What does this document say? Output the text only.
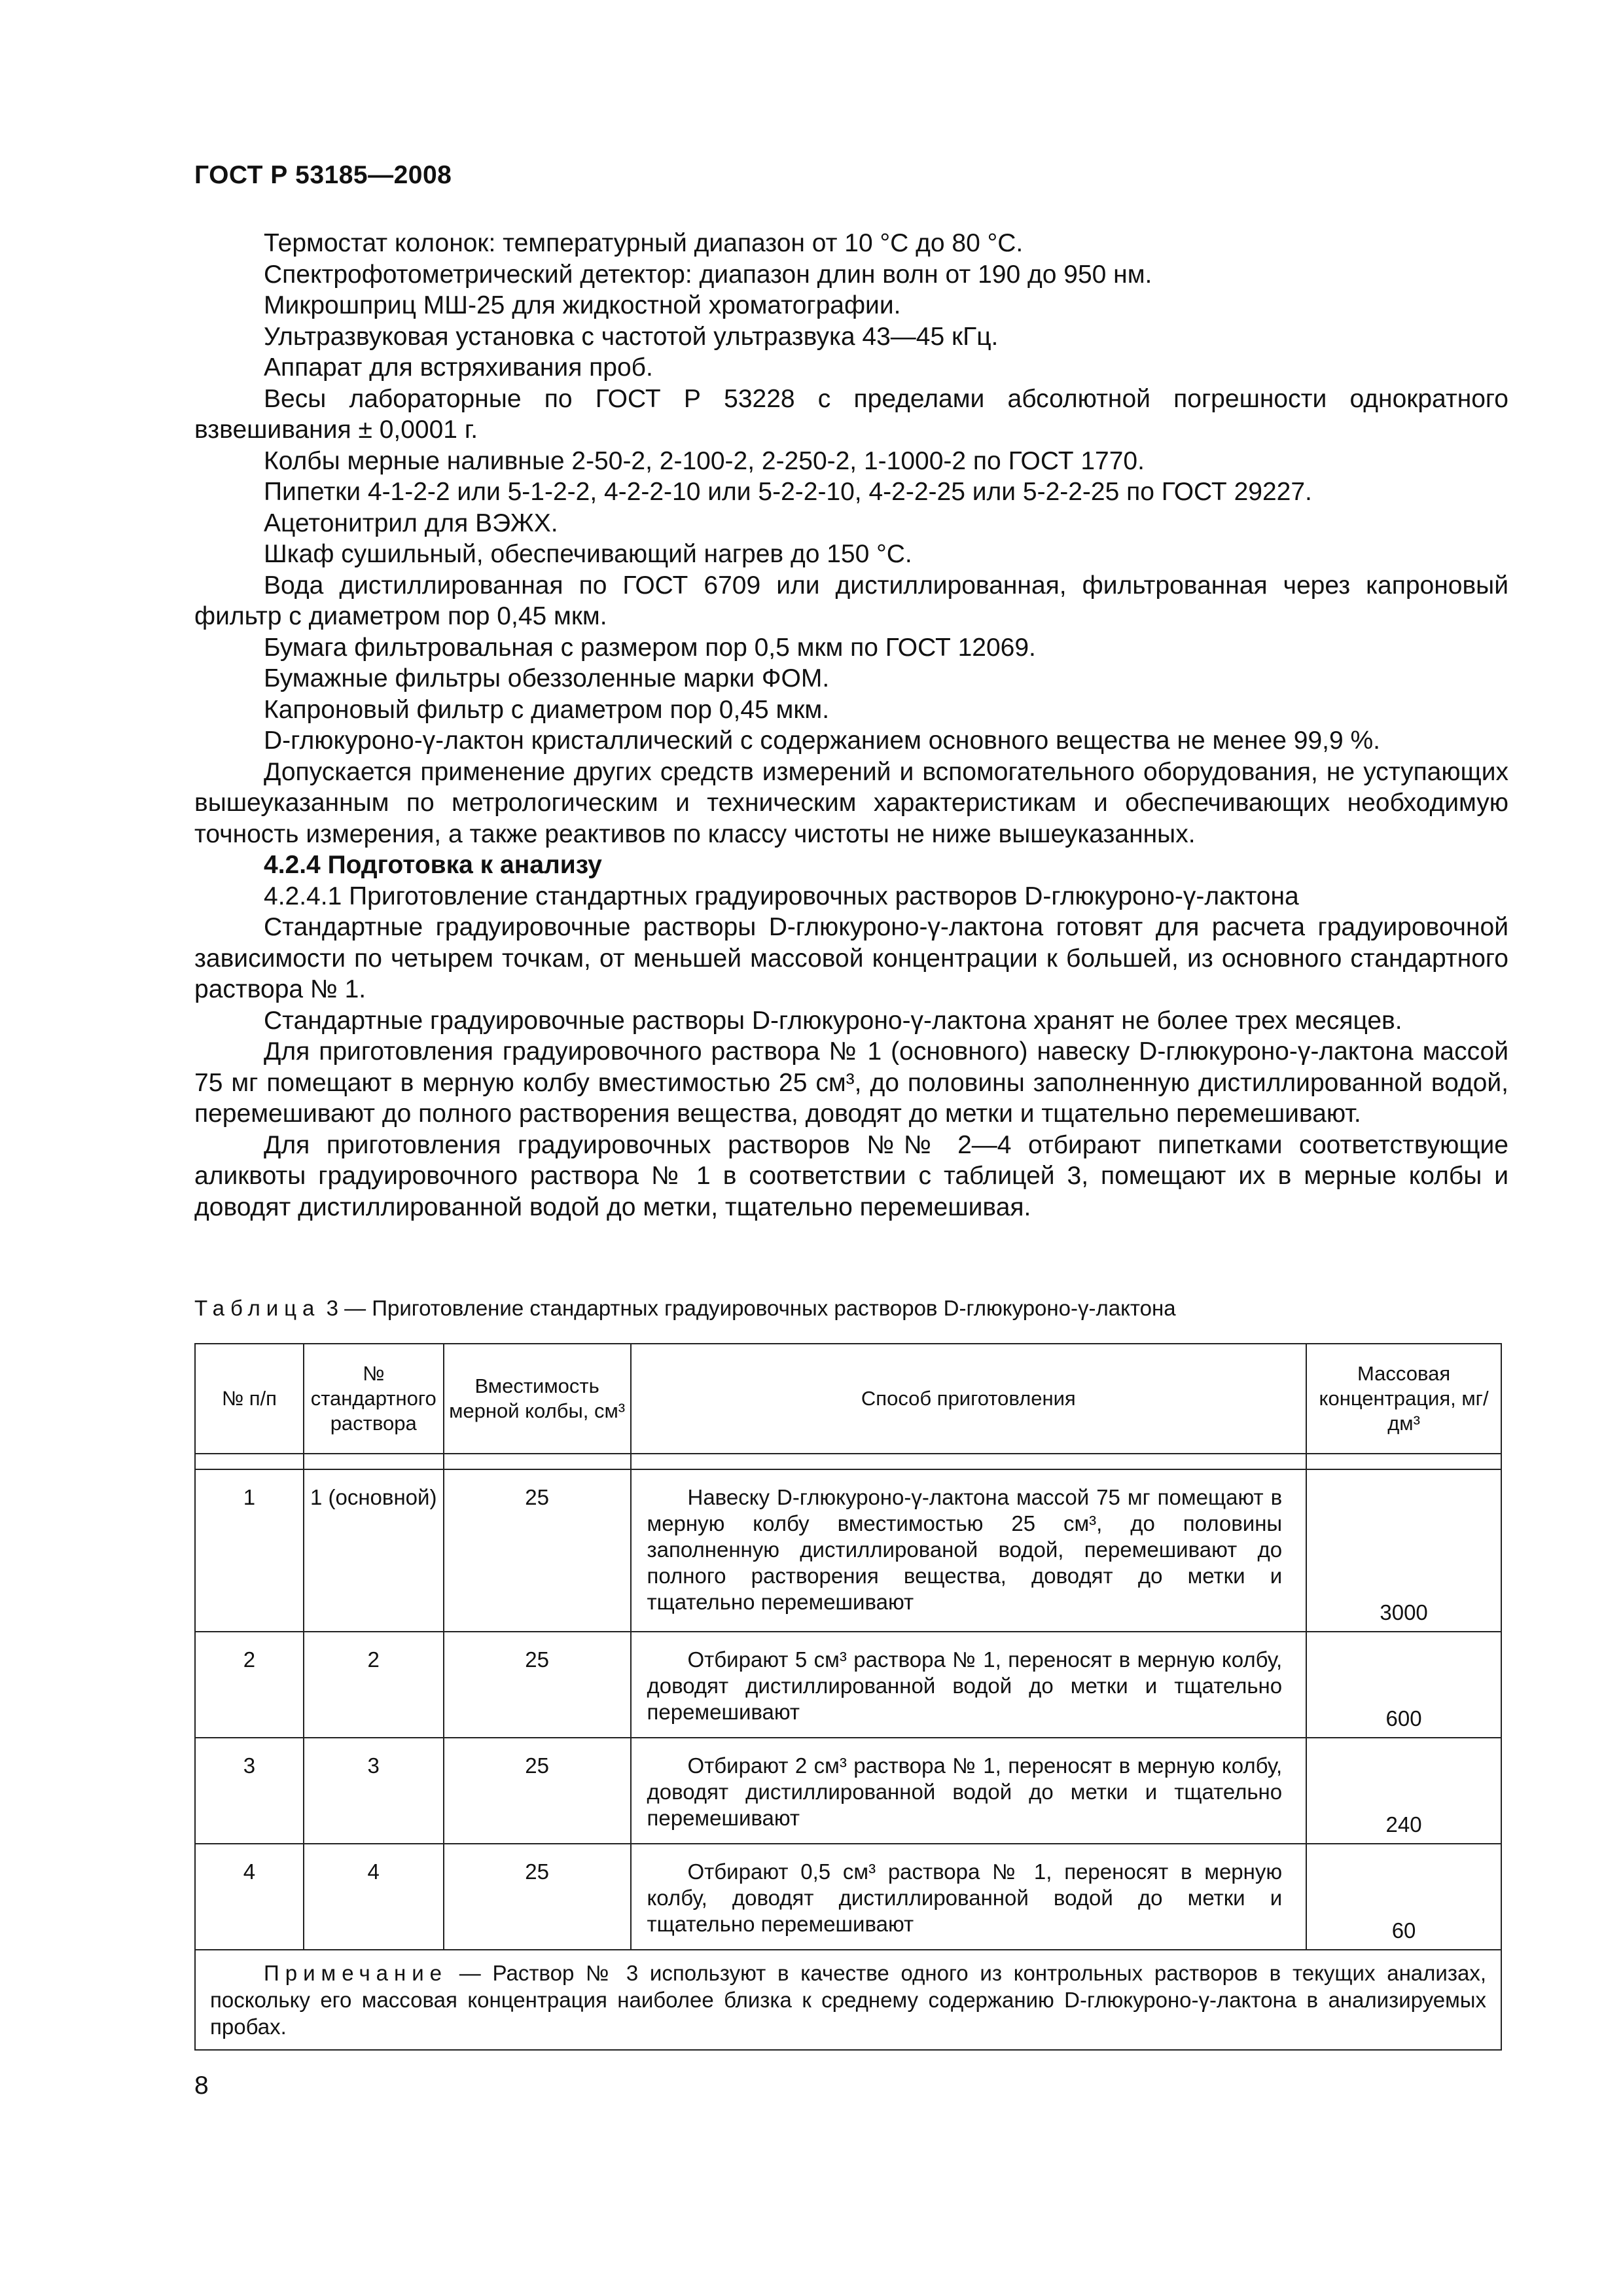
ГОСТ Р 53185—2008

Термостат колонок: температурный диапазон от 10 °С до 80 °С.

Спектрофотометрический детектор: диапазон длин волн от 190 до 950 нм.

Микрошприц МШ-25 для жидкостной хроматографии.

Ультразвуковая установка с частотой ультразвука 43—45 кГц.

Аппарат для встряхивания проб.

Весы лабораторные по ГОСТ Р 53228 с пределами абсолютной погрешности однократного взвешивания ± 0,0001 г.

Колбы мерные наливные 2-50-2, 2-100-2, 2-250-2, 1-1000-2 по ГОСТ 1770.

Пипетки 4-1-2-2 или 5-1-2-2, 4-2-2-10 или 5-2-2-10, 4-2-2-25 или 5-2-2-25 по ГОСТ 29227.

Ацетонитрил для ВЭЖХ.

Шкаф сушильный, обеспечивающий нагрев до 150 °С.

Вода дистиллированная по ГОСТ 6709 или дистиллированная, фильтрованная через капроновый фильтр с диаметром пор 0,45 мкм.

Бумага фильтровальная с размером пор 0,5 мкм по ГОСТ 12069.

Бумажные фильтры обеззоленные марки ФОМ.

Капроновый фильтр с диаметром пор 0,45 мкм.

D-глюкуроно-γ-лактон кристаллический с содержанием основного вещества не менее 99,9 %.

Допускается применение других средств измерений и вспомогательного оборудования, не уступающих вышеуказанным по метрологическим и техническим характеристикам и обеспечивающих необходимую точность измерения, а также реактивов по классу чистоты не ниже вышеуказанных.

4.2.4 Подготовка к анализу

4.2.4.1 Приготовление стандартных градуировочных растворов D-глюкуроно-γ-лактона

Стандартные градуировочные растворы D-глюкуроно-γ-лактона готовят для расчета градуировочной зависимости по четырем точкам, от меньшей массовой концентрации к большей, из основного стандартного раствора № 1.

Стандартные градуировочные растворы D-глюкуроно-γ-лактона хранят не более трех месяцев.

Для приготовления градуировочного раствора № 1 (основного) навеску D-глюкуроно-γ-лактона массой 75 мг помещают в мерную колбу вместимостью 25 см³, до половины заполненную дистиллированной водой, перемешивают до полного растворения вещества, доводят до метки и тщательно перемешивают.

Для приготовления градуировочных растворов №№ 2—4 отбирают пипетками соответствующие аликвоты градуировочного раствора № 1 в соответствии с таблицей 3, помещают их в мерные колбы и доводят дистиллированной водой до метки, тщательно перемешивая.

Таблица 3 — Приготовление стандартных градуировочных растворов D-глюкуроно-γ-лактона
№ п/п	№ стандартного раствора	Вместимость мерной колбы, см³	Способ приготовления	Массовая концентрация, мг/дм³

1	1 (основной)	25	Навеску D-глюкуроно-γ-лактона массой 75 мг помещают в мерную колбу вместимостью 25 см³, до половины заполненную дистиллированой водой, перемешивают до полного растворения вещества, доводят до метки и тщательно перемешивают	3000
2	2	25	Отбирают 5 см³ раствора № 1, переносят в мерную колбу, доводят дистиллированной водой до метки и тщательно перемешивают	600
3	3	25	Отбирают 2 см³ раствора № 1, переносят в мерную колбу, доводят дистиллированной водой до метки и тщательно перемешивают	240
4	4	25	Отбирают 0,5 см³ раствора № 1, переносят в мерную колбу, доводят дистиллированной водой до метки и тщательно перемешивают	60
Примечание — Раствор № 3 используют в качестве одного из контрольных растворов в текущих анализах, поскольку его массовая концентрация наиболее близка к среднему содержанию D-глюкуроно-γ-лактона в анализируемых пробах.				
8
